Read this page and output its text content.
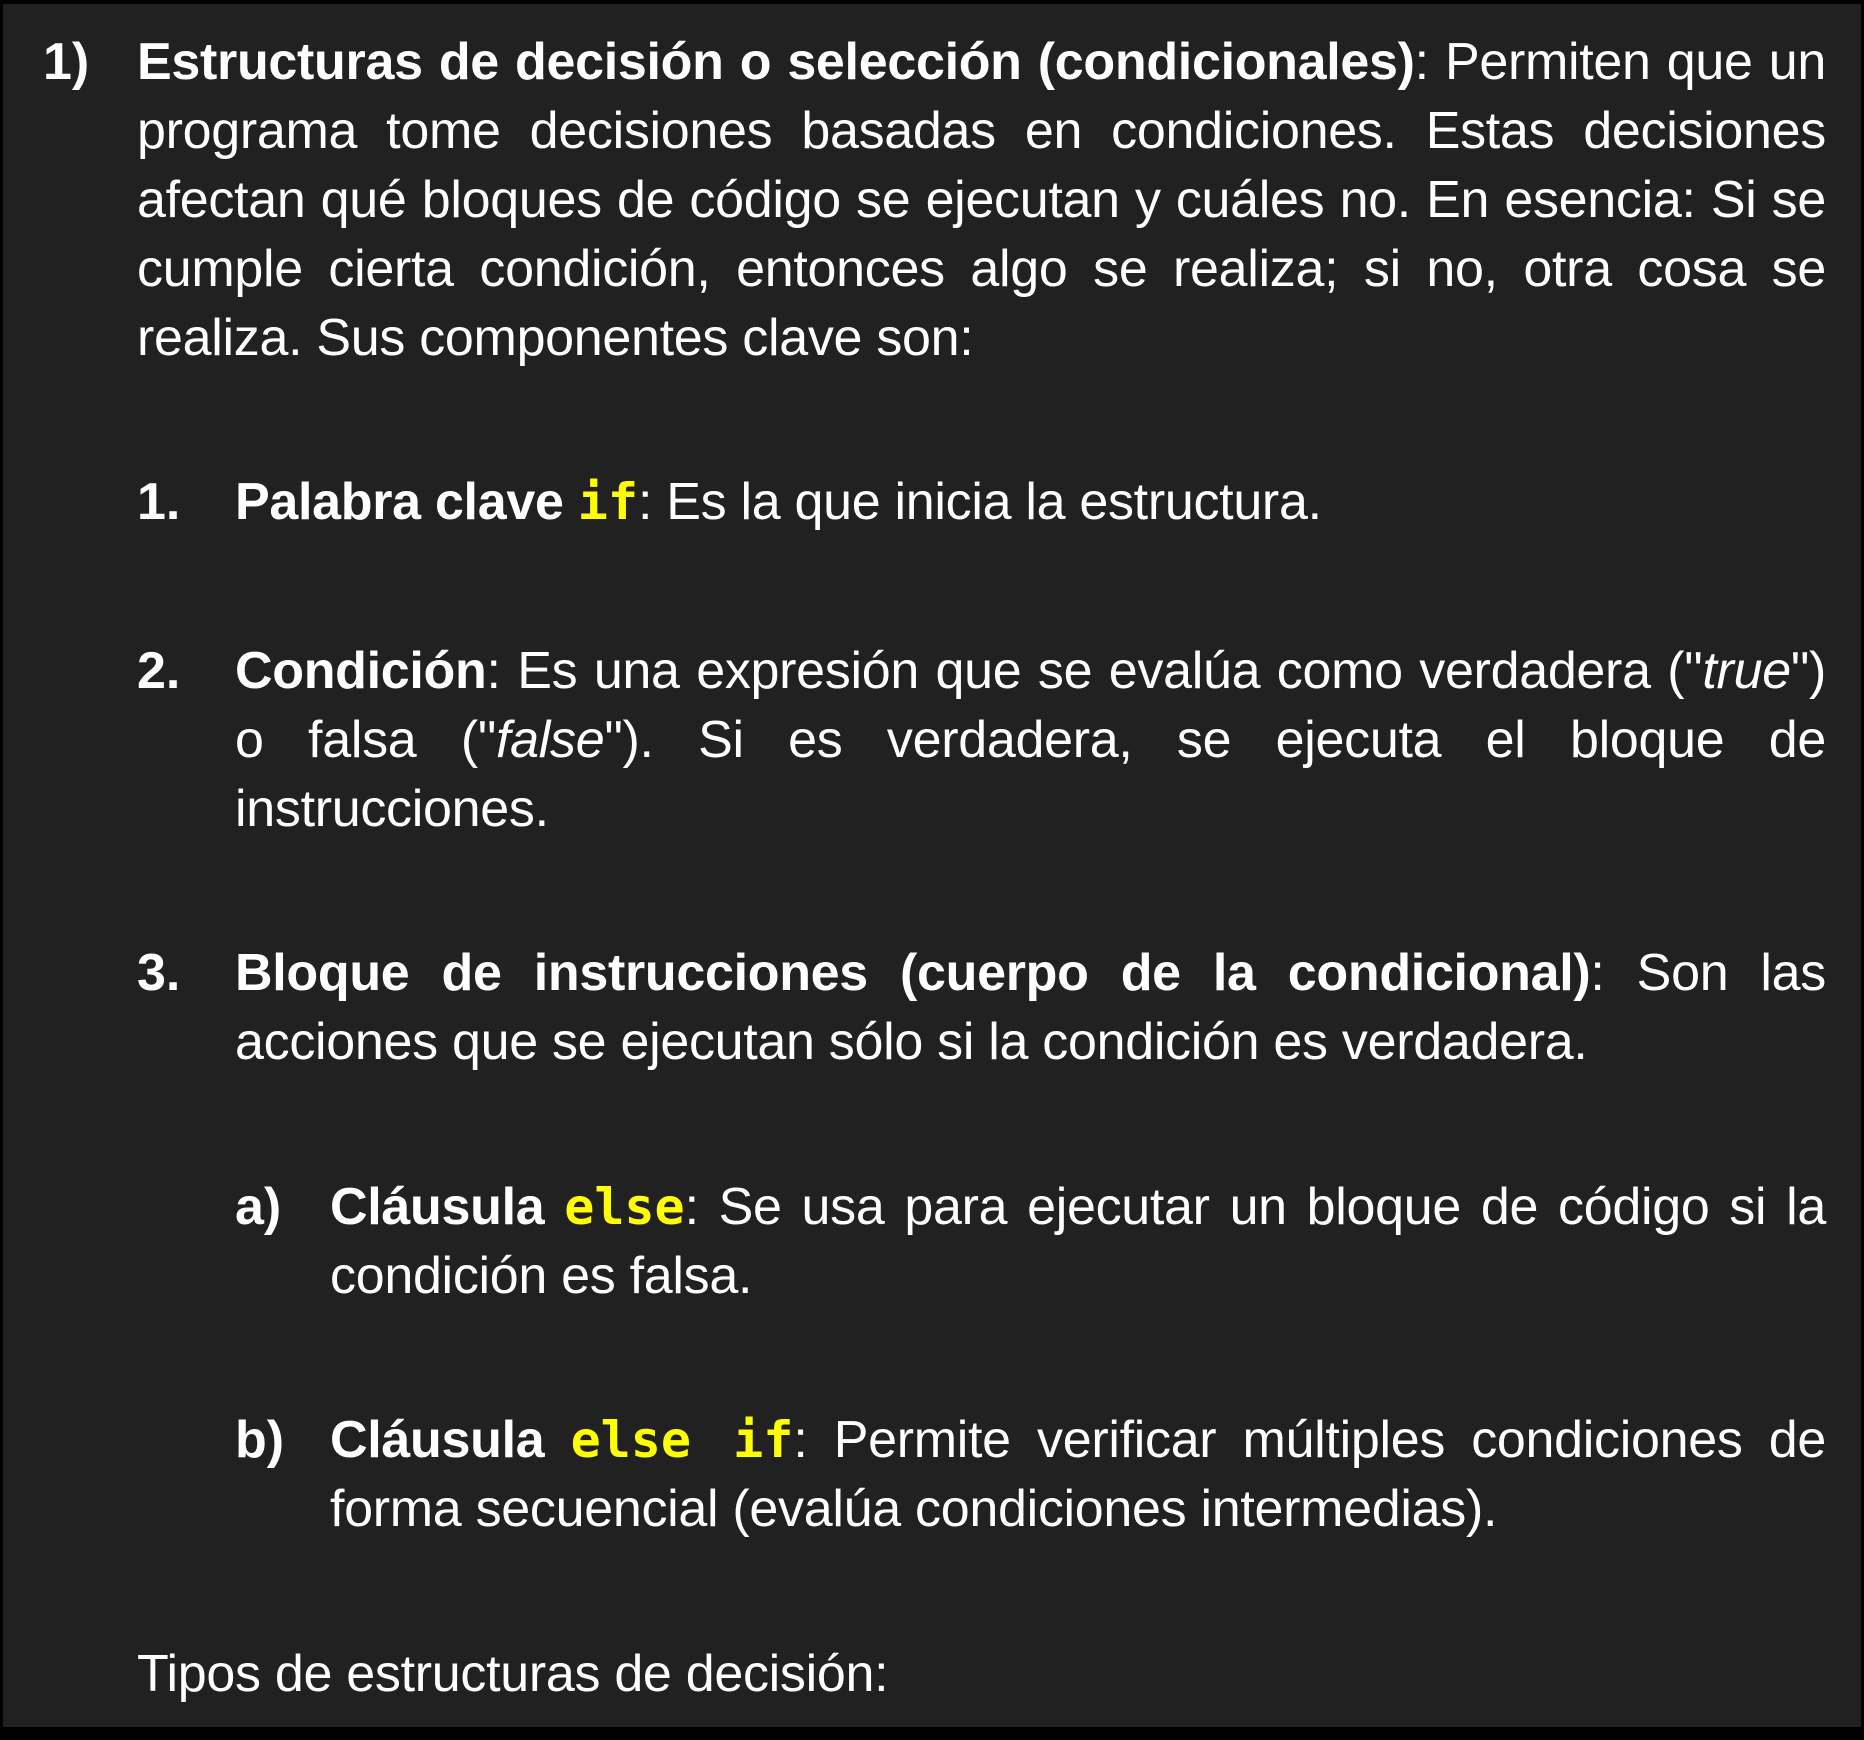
1) Estructuras de decisión o selección (condicionales): Permiten que un programa tome decisiones basadas en condiciones. Estas decisiones afectan qué bloques de código se ejecutan y cuáles no. En esencia: Si se cumple cierta condición, entonces algo se realiza; si no, otra cosa se realiza. Sus componentes clave son:
1. Palabra clave if: Es la que inicia la estructura.
2. Condición: Es una expresión que se evalúa como verdadera ("true") o falsa ("false"). Si es verdadera, se ejecuta el bloque de instrucciones.
3. Bloque de instrucciones (cuerpo de la condicional): Son las acciones que se ejecutan sólo si la condición es verdadera.
a) Cláusula else: Se usa para ejecutar un bloque de código si la condición es falsa.
b) Cláusula else if: Permite verificar múltiples condiciones de forma secuencial (evalúa condiciones intermedias).
Tipos de estructuras de decisión:
